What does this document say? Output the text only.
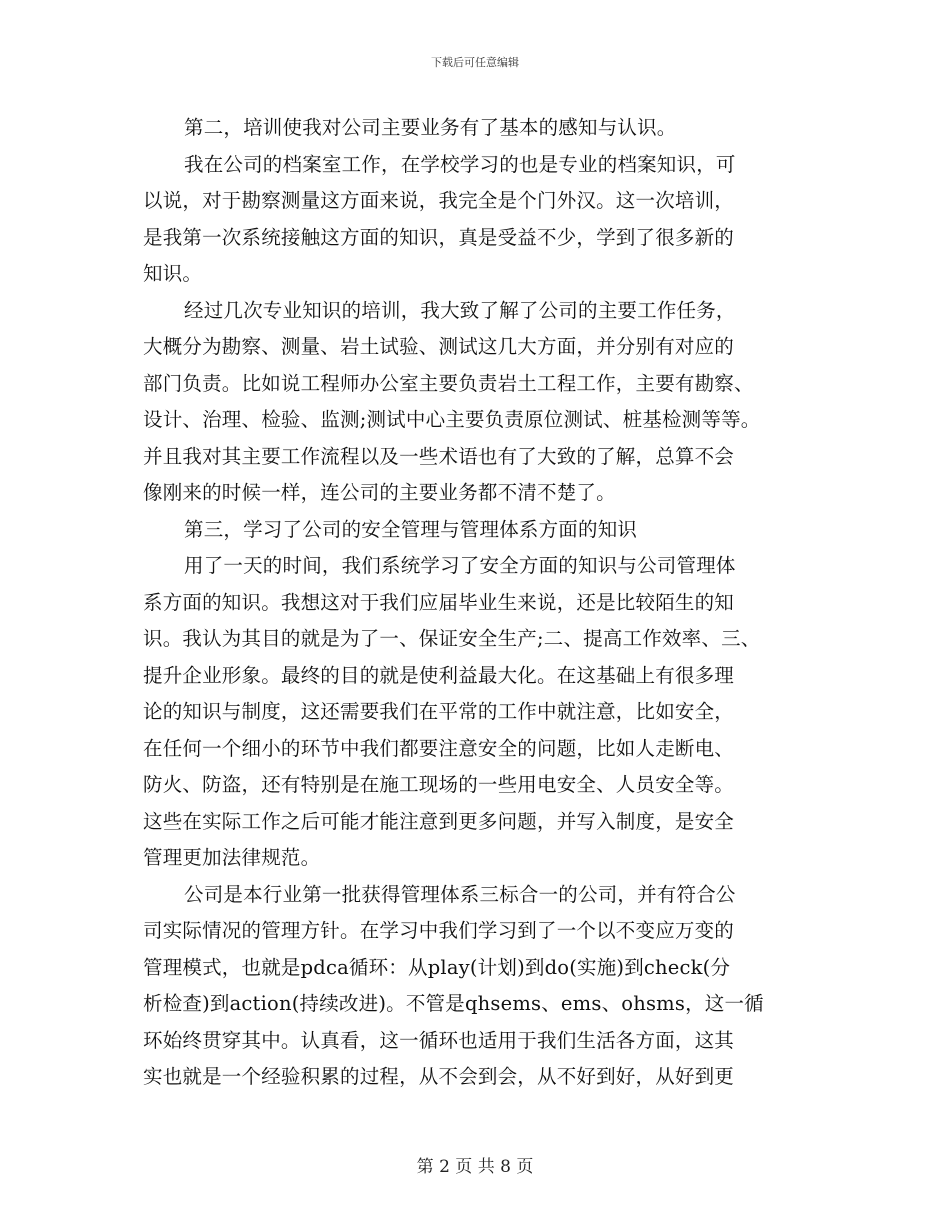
下载后可任意编辑
第二，培训使我对公司主要业务有了基本的感知与认识。
我在公司的档案室工作，在学校学习的也是专业的档案知识，可
以说，对于勘察测量这方面来说，我完全是个门外汉。这一次培训，
是我第一次系统接触这方面的知识，真是受益不少，学到了很多新的
知识。
经过几次专业知识的培训，我大致了解了公司的主要工作任务，
大概分为勘察、测量、岩土试验、测试这几大方面，并分别有对应的
部门负责。比如说工程师办公室主要负责岩土工程工作，主要有勘察、
设计、治理、检验、监测;测试中心主要负责原位测试、桩基检测等等。
并且我对其主要工作流程以及一些术语也有了大致的了解，总算不会
像刚来的时候一样，连公司的主要业务都不清不楚了。
第三，学习了公司的安全管理与管理体系方面的知识
用了一天的时间，我们系统学习了安全方面的知识与公司管理体
系方面的知识。我想这对于我们应届毕业生来说，还是比较陌生的知
识。我认为其目的就是为了一、保证安全生产;二、提高工作效率、三、
提升企业形象。最终的目的就是使利益最大化。在这基础上有很多理
论的知识与制度，这还需要我们在平常的工作中就注意，比如安全，
在任何一个细小的环节中我们都要注意安全的问题，比如人走断电、
防火、防盗，还有特别是在施工现场的一些用电安全、人员安全等。
这些在实际工作之后可能才能注意到更多问题，并写入制度，是安全
管理更加法律规范。
公司是本行业第一批获得管理体系三标合一的公司，并有符合公
司实际情况的管理方针。在学习中我们学习到了一个以不变应万变的
管理模式，也就是pdca循环：从play(计划)到do(实施)到check(分
析检查)到action(持续改进)。不管是qhsems、ems、ohsms，这一循
环始终贯穿其中。认真看，这一循环也适用于我们生活各方面，这其
实也就是一个经验积累的过程，从不会到会，从不好到好，从好到更
第 2 页 共 8 页
